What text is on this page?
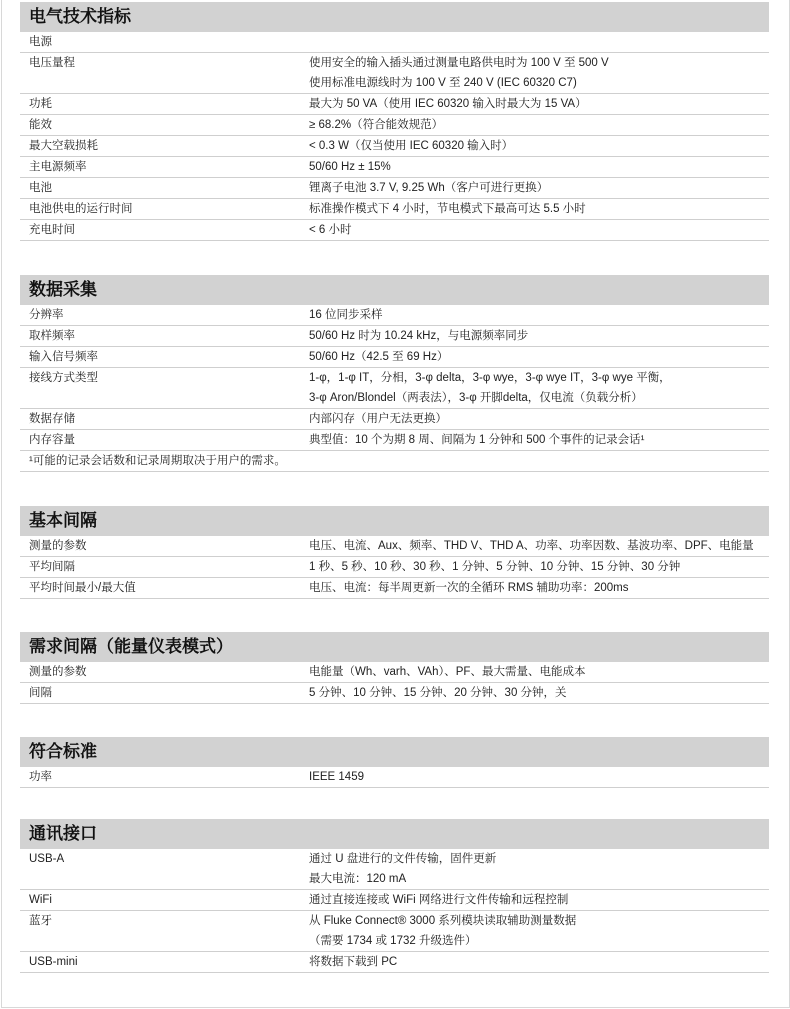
电气技术指标
电源
电压量程	使用安全的输入插头通过测量电路供电时为 100 V 至 500 V
使用标准电源线时为 100 V 至 240 V (IEC 60320 C7)
功耗	最大为 50 VA（使用 IEC 60320 输入时最大为 15 VA）
能效	≥ 68.2%（符合能效规范）
最大空载损耗	< 0.3 W（仅当使用 IEC 60320 输入时）
主电源频率	50/60 Hz ± 15%
电池	锂离子电池 3.7 V, 9.25 Wh（客户可进行更换）
电池供电的运行时间	标准操作模式下 4 小时，节电模式下最高可达 5.5 小时
充电时间	< 6 小时
数据采集
分辨率	16 位同步采样
取样频率	50/60 Hz 时为 10.24 kHz，与电源频率同步
输入信号频率	50/60 Hz（42.5 至 69 Hz）
接线方式类型	1-φ，1-φ IT，分相，3-φ delta，3-φ wye，3-φ wye IT，3-φ wye 平衡，
3-φ Aron/Blondel（两表法），3-φ 开脚delta，仅电流（负载分析）
数据存储	内部闪存（用户无法更换）
内存容量	典型值：10 个为期 8 周、间隔为 1 分钟和 500 个事件的记录会话¹
¹可能的记录会话数和记录周期取决于用户的需求。
基本间隔
测量的参数	电压、电流、Aux、频率、THD V、THD A、功率、功率因数、基波功率、DPF、电能量
平均间隔	1 秒、5 秒、10 秒、30 秒、1 分钟、5 分钟、10 分钟、15 分钟、30 分钟
平均时间最小/最大值	电压、电流：每半周更新一次的全循环 RMS 辅助功率：200ms
需求间隔（能量仪表模式）
测量的参数	电能量（Wh、varh、VAh）、PF、最大需量、电能成本
间隔	5 分钟、10 分钟、15 分钟、20 分钟、30 分钟，关
符合标准
功率	IEEE 1459
通讯接口
USB-A	通过 U 盘进行的文件传输，固件更新
最大电流：120 mA
WiFi	通过直接连接或 WiFi 网络进行文件传输和远程控制
蓝牙	从 Fluke Connect® 3000 系列模块读取辅助测量数据
（需要 1734 或 1732 升级选件）
USB-mini	将数据下载到 PC
